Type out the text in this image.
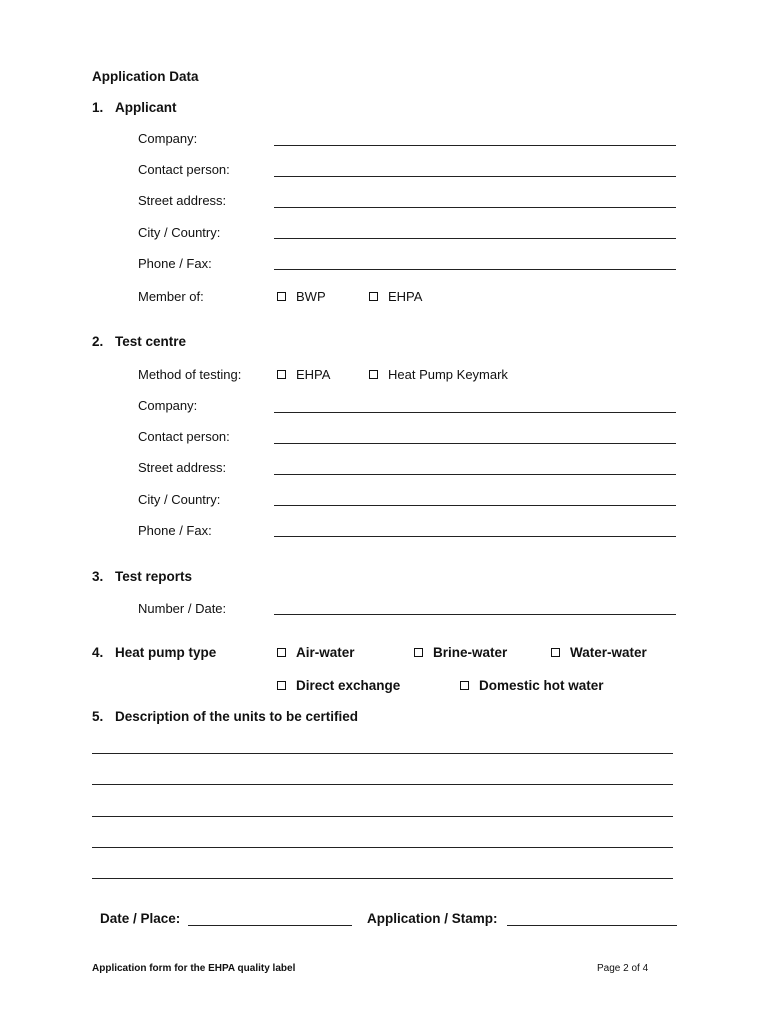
Application Data
1. Applicant
Company:
Contact person:
Street address:
City / Country:
Phone / Fax:
Member of:	BWP	EHPA
2. Test centre
Method of testing:	EHPA	Heat Pump Keymark
Company:
Contact person:
Street address:
City / Country:
Phone / Fax:
3. Test reports
Number / Date:
4. Heat pump type	Air-water	Brine-water	Water-water
Direct exchange	Domestic hot water
5. Description of the units to be certified
Date / Place:	Application / Stamp:
Application form for the EHPA quality label	Page 2 of 4
